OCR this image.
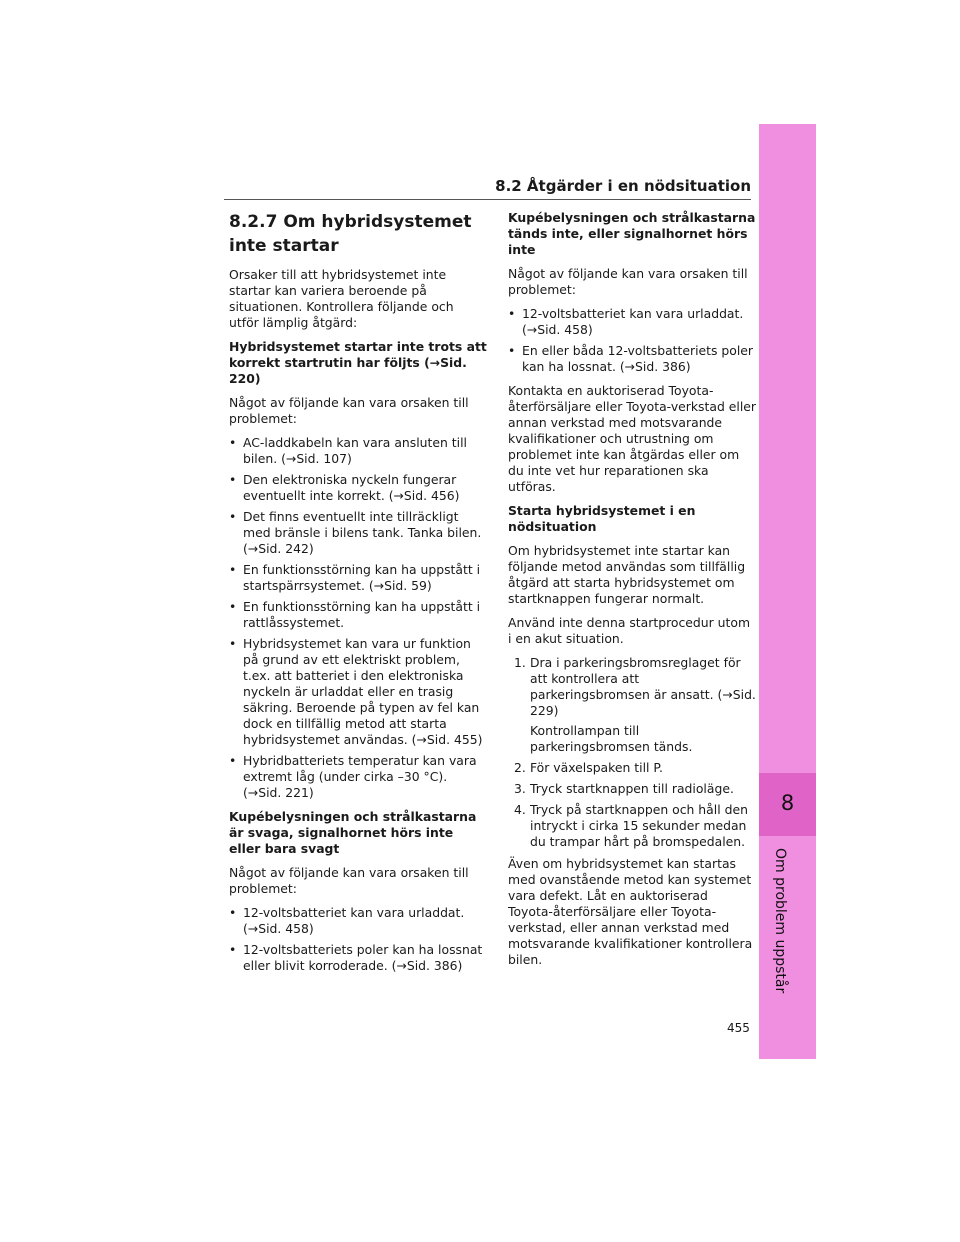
8
Om problem uppstår
8.2 Åtgärder i en nödsituation
8.2.7 Om hybridsystemet inte startar

Orsaker till att hybridsystemet inte startar kan variera beroende på situationen. Kontrollera följande och utför lämplig åtgärd:

Hybridsystemet startar inte trots att korrekt startrutin har följts (→Sid. 220)

Något av följande kan vara orsaken till problemet:

• AC-laddkabeln kan vara ansluten till bilen. (→Sid. 107)
• Den elektroniska nyckeln fungerar eventuellt inte korrekt. (→Sid. 456)
• Det finns eventuellt inte tillräckligt med bränsle i bilens tank. Tanka bilen. (→Sid. 242)
• En funktionsstörning kan ha uppstått i startspärrsystemet. (→Sid. 59)
• En funktionsstörning kan ha uppstått i rattlåssystemet.
• Hybridsystemet kan vara ur funktion på grund av ett elektriskt problem, t.ex. att batteriet i den elektroniska nyckeln är urladdat eller en trasig säkring. Beroende på typen av fel kan dock en tillfällig metod att starta hybridsystemet användas. (→Sid. 455)
• Hybridbatteriets temperatur kan vara extremt låg (under cirka –30 °C). (→Sid. 221)

Kupébelysningen och strålkastarna är svaga, signalhornet hörs inte eller bara svagt

Något av följande kan vara orsaken till problemet:

• 12-voltsbatteriet kan vara urladdat. (→Sid. 458)
• 12-voltsbatteriets poler kan ha lossnat eller blivit korroderade. (→Sid. 386)

Kupébelysningen och strålkastarna tänds inte, eller signalhornet hörs inte

Något av följande kan vara orsaken till problemet:

• 12-voltsbatteriet kan vara urladdat. (→Sid. 458)
• En eller båda 12-voltsbatteriets poler kan ha lossnat. (→Sid. 386)

Kontakta en auktoriserad Toyota-återförsäljare eller Toyota-verkstad eller annan verkstad med motsvarande kvalifikationer och utrustning om problemet inte kan åtgärdas eller om du inte vet hur reparationen ska utföras.

Starta hybridsystemet i en nödsituation

Om hybridsystemet inte startar kan följande metod användas som tillfällig åtgärd att starta hybridsystemet om startknappen fungerar normalt.

Använd inte denna startprocedur utom i en akut situation.

1. Dra i parkeringsbromsreglaget för att kontrollera att parkeringsbromsen är ansatt. (→Sid. 229)
Kontrollampan till parkeringsbromsen tänds.
2. För växelspaken till P.
3. Tryck startknappen till radioläge.
4. Tryck på startknappen och håll den intryckt i cirka 15 sekunder medan du trampar hårt på bromspedalen.

Även om hybridsystemet kan startas med ovanstående metod kan systemet vara defekt. Låt en auktoriserad Toyota-återförsäljare eller Toyota-verkstad, eller annan verkstad med motsvarande kvalifikationer kontrollera bilen.

455
